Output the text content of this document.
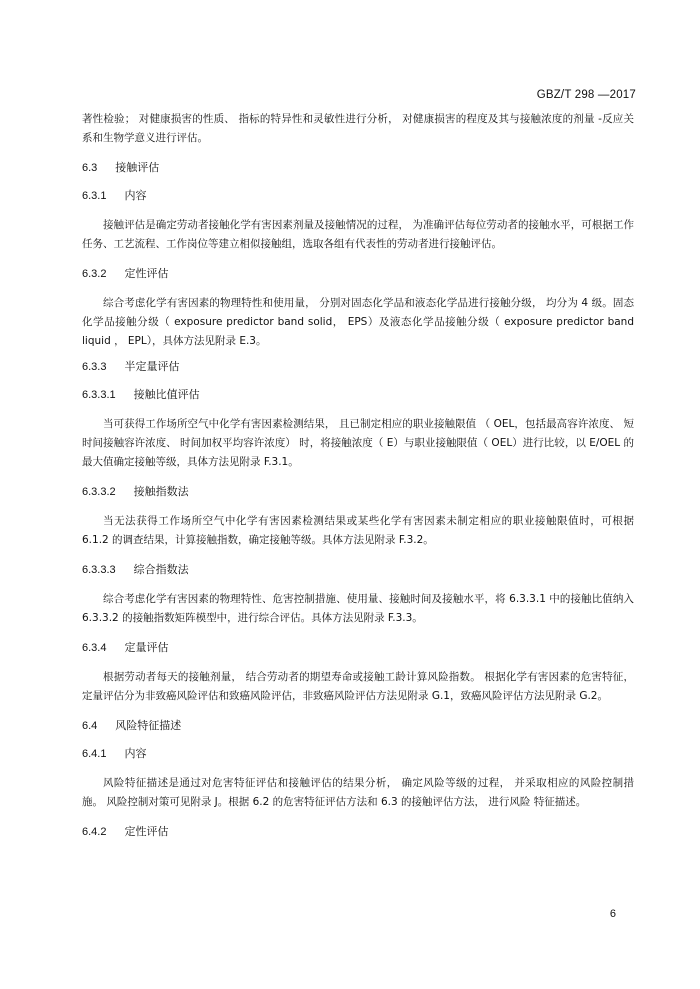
GBZ/T 298 —2017

著性检验； 对健康损害的性质、 指标的特异性和灵敏性进行分析， 对健康损害的程度及其与接触浓度的剂量 -反应关系和生物学意义进行评估。

6.3 接触评估
6.3.1 内容

接触评估是确定劳动者接触化学有害因素剂量及接触情况的过程， 为准确评估每位劳动者的接触水平，可根据工作任务、工艺流程、工作岗位等建立相似接触组，选取各组有代表性的劳动者进行接触评估。

6.3.2 定性评估

综合考虑化学有害因素的物理特性和使用量， 分别对固态化学品和液态化学品进行接触分级， 均分为 4 级。固态化学品接触分级（ exposure predictor band solid， EPS）及液态化学品接触分级（ exposure predictor band liquid ， EPL），具体方法见附录 E.3。

6.3.3 半定量评估
6.3.3.1 接触比值评估

当可获得工作场所空气中化学有害因素检测结果， 且已制定相应的职业接触限值 （ OEL，包括最高容许浓度、 短时间接触容许浓度、 时间加权平均容许浓度） 时，将接触浓度（ E）与职业接触限值（ OEL）进行比较，以 E/OEL 的最大值确定接触等级，具体方法见附录 F.3.1。

6.3.3.2 接触指数法

当无法获得工作场所空气中化学有害因素检测结果或某些化学有害因素未制定相应的职业接触限值时，可根据 6.1.2 的调查结果，计算接触指数，确定接触等级。具体方法见附录 F.3.2。

6.3.3.3 综合指数法

综合考虑化学有害因素的物理特性、危害控制措施、使用量、接触时间及接触水平，将 6.3.3.1 中的接触比值纳入 6.3.3.2 的接触指数矩阵模型中，进行综合评估。具体方法见附录 F.3.3。

6.3.4 定量评估

根据劳动者每天的接触剂量， 结合劳动者的期望寿命或接触工龄计算风险指数。 根据化学有害因素的危害特征，定量评估分为非致癌风险评估和致癌风险评估，非致癌风险评估方法见附录 G.1，致癌风险评估方法见附录 G.2。

6.4 风险特征描述
6.4.1 内容

风险特征描述是通过对危害特征评估和接触评估的结果分析， 确定风险等级的过程， 并采取相应的风险控制措施。 风险控制对策可见附录 J。根据 6.2 的危害特征评估方法和 6.3 的接触评估方法， 进行风险 特征描述。

6.4.2 定性评估
6
